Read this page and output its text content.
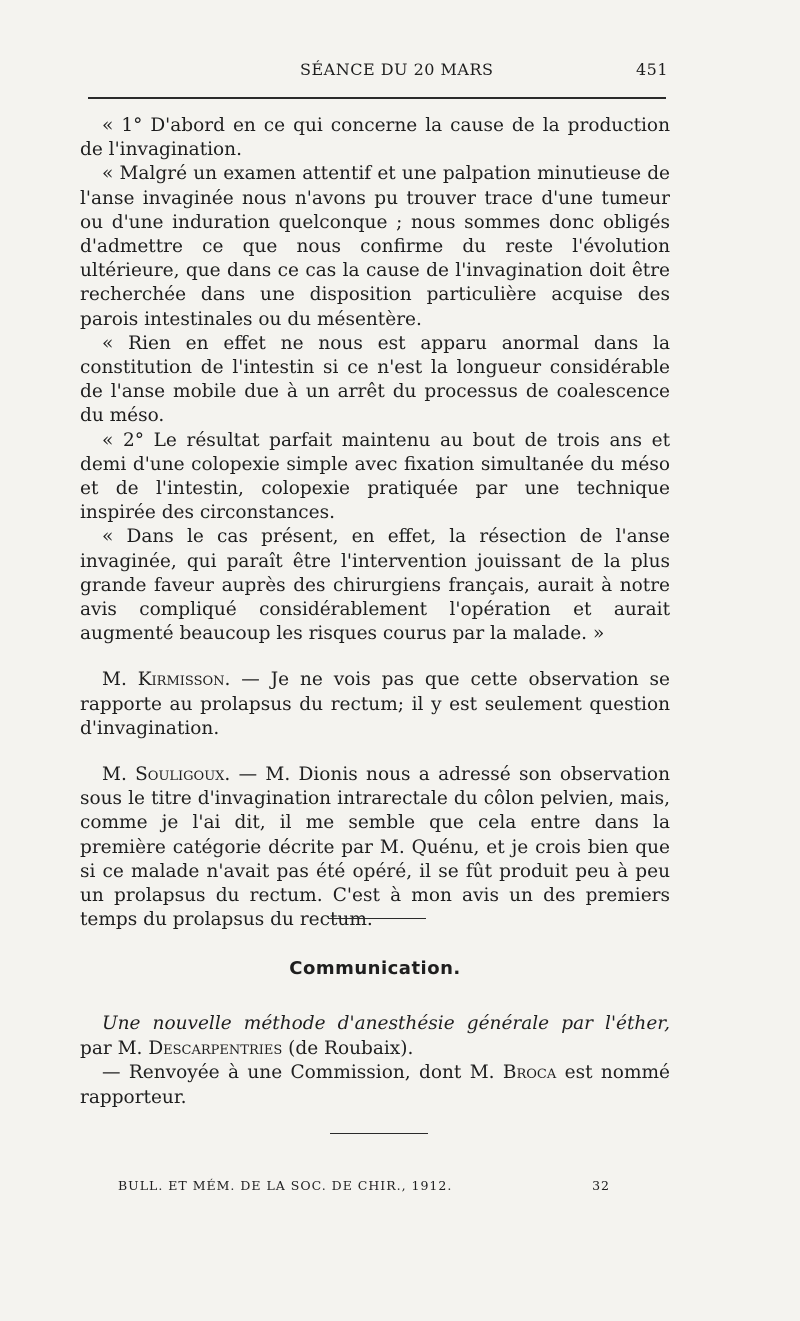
SÉANCE DU 20 MARS	451

« 1° D'abord en ce qui concerne la cause de la production de l'invagination.

« Malgré un examen attentif et une palpation minutieuse de l'anse invaginée nous n'avons pu trouver trace d'une tumeur ou d'une induration quelconque ; nous sommes donc obligés d'admettre ce que nous confirme du reste l'évolution ultérieure, que dans ce cas la cause de l'invagination doit être recherchée dans une disposition particulière acquise des parois intestinales ou du mésentère.

« Rien en effet ne nous est apparu anormal dans la constitution de l'intestin si ce n'est la longueur considérable de l'anse mobile due à un arrêt du processus de coalescence du méso.

« 2° Le résultat parfait maintenu au bout de trois ans et demi d'une colopexie simple avec fixation simultanée du méso et de l'intestin, colopexie pratiquée par une technique inspirée des circonstances.

« Dans le cas présent, en effet, la résection de l'anse invaginée, qui paraît être l'intervention jouissant de la plus grande faveur auprès des chirurgiens français, aurait à notre avis compliqué considérablement l'opération et aurait augmenté beaucoup les risques courus par la malade. »

M. Kirmisson. — Je ne vois pas que cette observation se rapporte au prolapsus du rectum; il y est seulement question d'invagination.

M. Souligoux. — M. Dionis nous a adressé son observation sous le titre d'invagination intrarectale du côlon pelvien, mais, comme je l'ai dit, il me semble que cela entre dans la première catégorie décrite par M. Quénu, et je crois bien que si ce malade n'avait pas été opéré, il se fût produit peu à peu un prolapsus du rectum. C'est à mon avis un des premiers temps du prolapsus du rectum.

Communication.

Une nouvelle méthode d'anesthésie générale par l'éther, par M. Descarpentries (de Roubaix).

— Renvoyée à une Commission, dont M. Broca est nommé rapporteur.

BULL. ET MÉM. DE LA SOC. DE CHIR., 1912.	32
